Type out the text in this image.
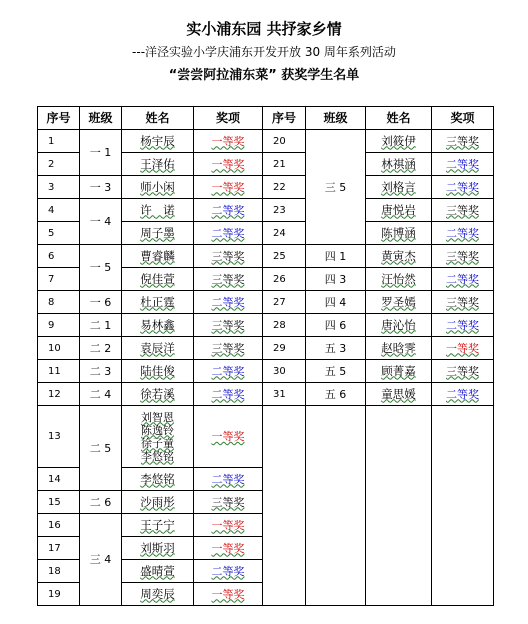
实小浦东园 共抒家乡情
---洋泾实验小学庆浦东开发开放 30 周年系列活动
“尝尝阿拉浦东菜” 获奖学生名单
序号	班级	姓名	奖项	序号	班级	姓名	奖项
1	一 1	杨宇辰	一等奖	20	三 5	刘筱伊	三等奖
2		王泽佑	一等奖	21		林祺涵	二等奖
3	一 3	师小闲	一等奖	22		刘格言	二等奖
4	一 4	许　诺	二等奖	23		唐悦岩	三等奖
5		周子墨	二等奖	24		陈博涵	二等奖
6	一 5	曹睿麟	三等奖	25	四 1	黄寅杰	三等奖
7		倪佳萱	三等奖	26	四 3	汪怡然	二等奖
8	一 6	杜正霆	二等奖	27	四 4	罗圣嫣	三等奖
9	二 1	易林鑫	三等奖	28	四 6	唐沁怡	二等奖
10	二 2	袁辰洋	三等奖	29	五 3	赵晗霁	一等奖
11	二 3	陆佳俊	二等奖	30	五 5	顾菁嘉	三等奖
12	二 4	徐若溪	二等奖	31	五 6	童思媛	二等奖
13	二 5	刘智恩
陈逸铃
徐子童
李悠铭	一等奖				
14		李悠铭	二等奖				
15	二 6	沙雨彤	三等奖				
16	三 4	王子宁	一等奖				
17		刘斯羽	一等奖				
18		盛晴萱	二等奖				
19		周奕辰	一等奖				
